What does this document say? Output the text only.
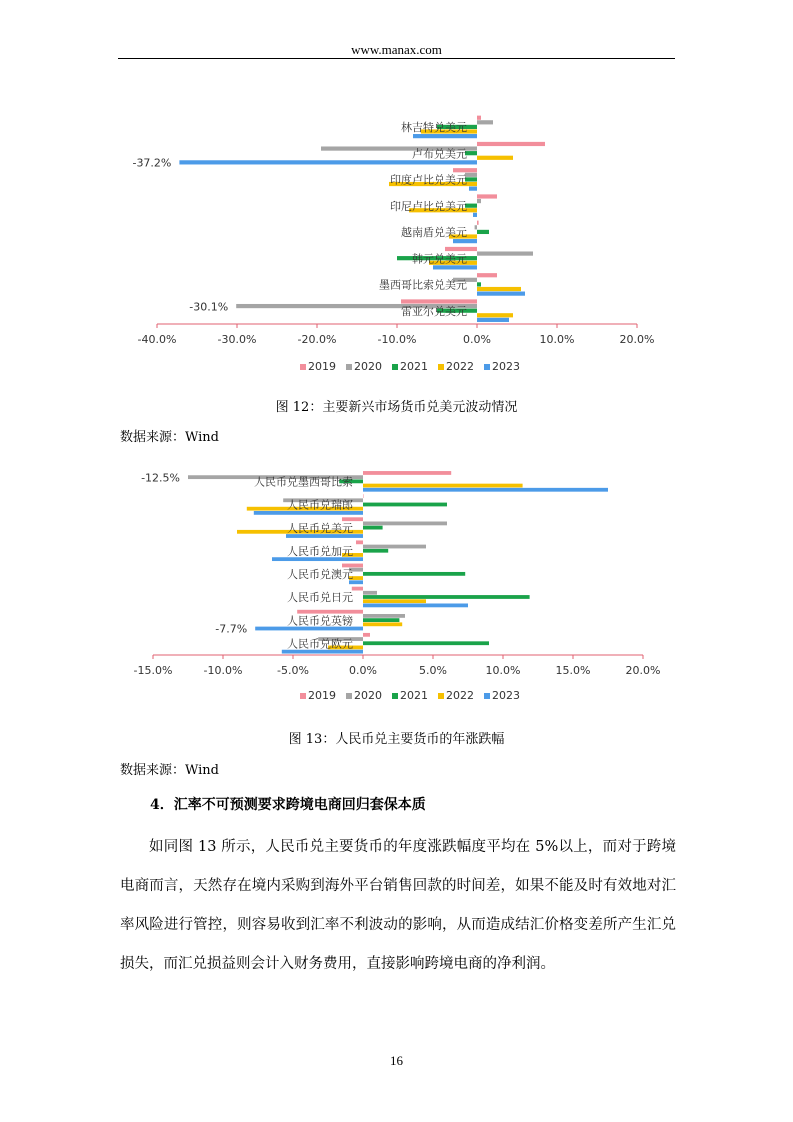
www.manax.com
林吉特兑美元
卢布兑美元
印度卢比兑美元
印尼卢比兑美元
越南盾兑美元
韩元兑美元
墨西哥比索兑美元
雷亚尔兑美元
-40.0%	-30.0%	-20.0%	-10.0%	0.0%	10.0%	20.0%
-37.2%
-30.1%
2019 2020 2021 2022 2023
图 12：主要新兴市场货币兑美元波动情况
数据来源：Wind
人民币兑墨西哥比索
人民币兑瑞郎
人民币兑美元
人民币兑加元
人民币兑澳元
人民币兑日元
人民币兑英镑
人民币兑欧元
-15.0%	-10.0%	-5.0%	0.0%	5.0%	10.0%	15.0%	20.0%
-12.5%
-7.7%
2019 2020 2021 2022 2023
图 13：人民币兑主要货币的年涨跌幅
数据来源：Wind
4．汇率不可预测要求跨境电商回归套保本质

如同图 13 所示，人民币兑主要货币的年度涨跌幅度平均在 5%以上，而对于跨境电商而言，天然存在境内采购到海外平台销售回款的时间差，如果不能及时有效地对汇率风险进行管控，则容易收到汇率不利波动的影响，从而造成结汇价格变差所产生汇兑损失，而汇兑损益则会计入财务费用，直接影响跨境电商的净利润。

16
